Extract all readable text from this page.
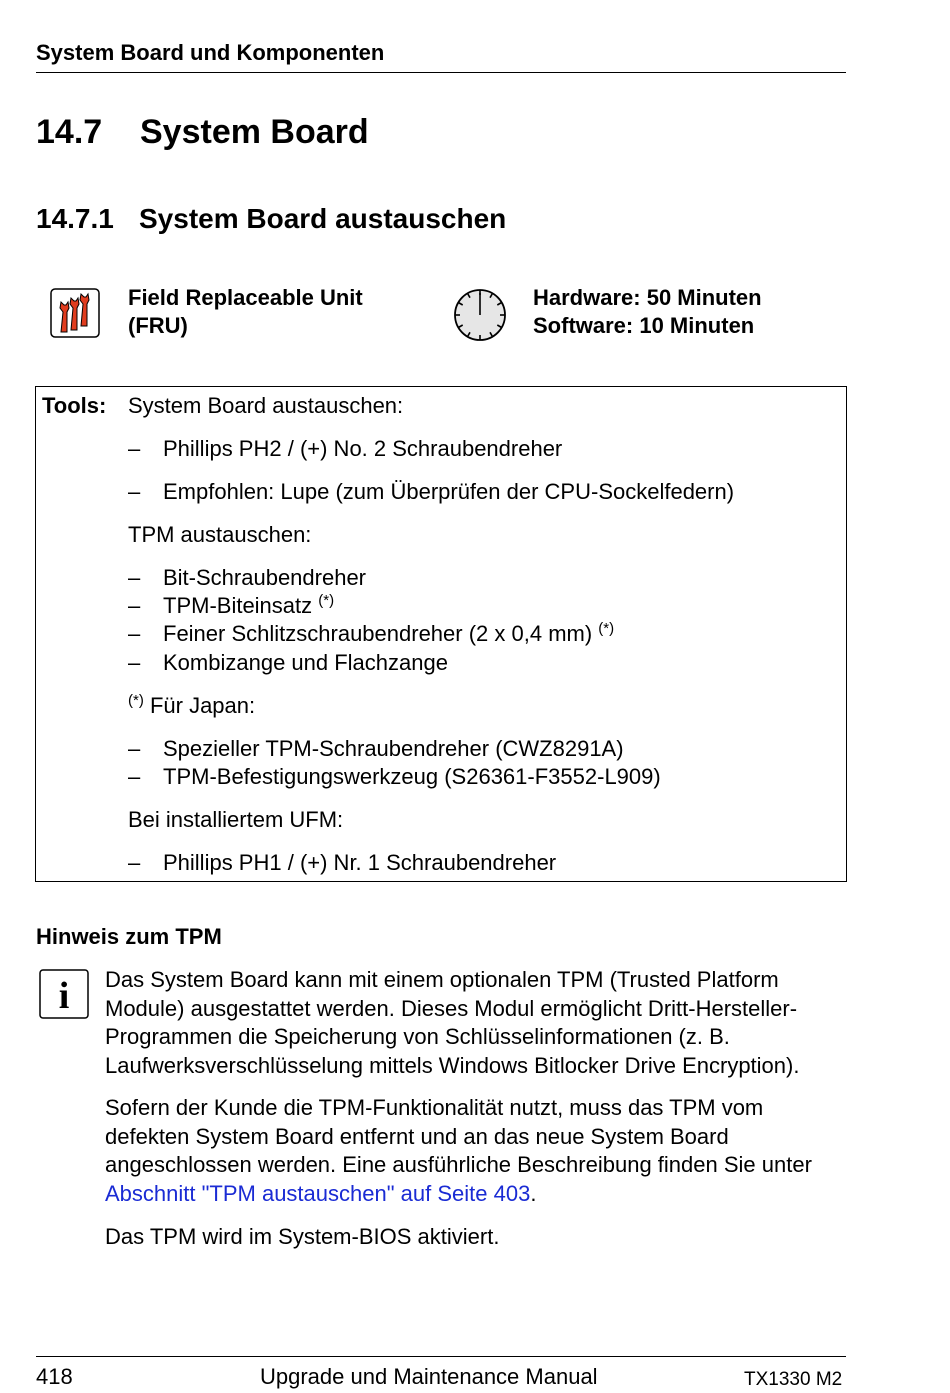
System Board und Komponenten
14.7 System Board
14.7.1 System Board austauschen
Field Replaceable Unit
(FRU)
Hardware: 50 Minuten
Software: 10 Minuten
Tools: System Board austauschen:
– Phillips PH2 / (+) No. 2 Schraubendreher
– Empfohlen: Lupe (zum Überprüfen der CPU-Sockelfedern)
TPM austauschen:
– Bit-Schraubendreher
– TPM-Biteinsatz (*)
– Feiner Schlitzschraubendreher (2 x 0,4 mm) (*)
– Kombizange und Flachzange
(*) Für Japan:
– Spezieller TPM-Schraubendreher (CWZ8291A)
– TPM-Befestigungswerkzeug (S26361-F3552-L909)
Bei installiertem UFM:
– Phillips PH1 / (+) Nr. 1 Schraubendreher
Hinweis zum TPM
i Das System Board kann mit einem optionalen TPM (Trusted Platform Module) ausgestattet werden. Dieses Modul ermöglicht Dritt-Hersteller-Programmen die Speicherung von Schlüsselinformationen (z. B. Laufwerksverschlüsselung mittels Windows Bitlocker Drive Encryption).
Sofern der Kunde die TPM-Funktionalität nutzt, muss das TPM vom defekten System Board entfernt und an das neue System Board angeschlossen werden. Eine ausführliche Beschreibung finden Sie unter Abschnitt "TPM austauschen" auf Seite 403.
Das TPM wird im System-BIOS aktiviert.
418	Upgrade und Maintenance Manual	TX1330 M2
